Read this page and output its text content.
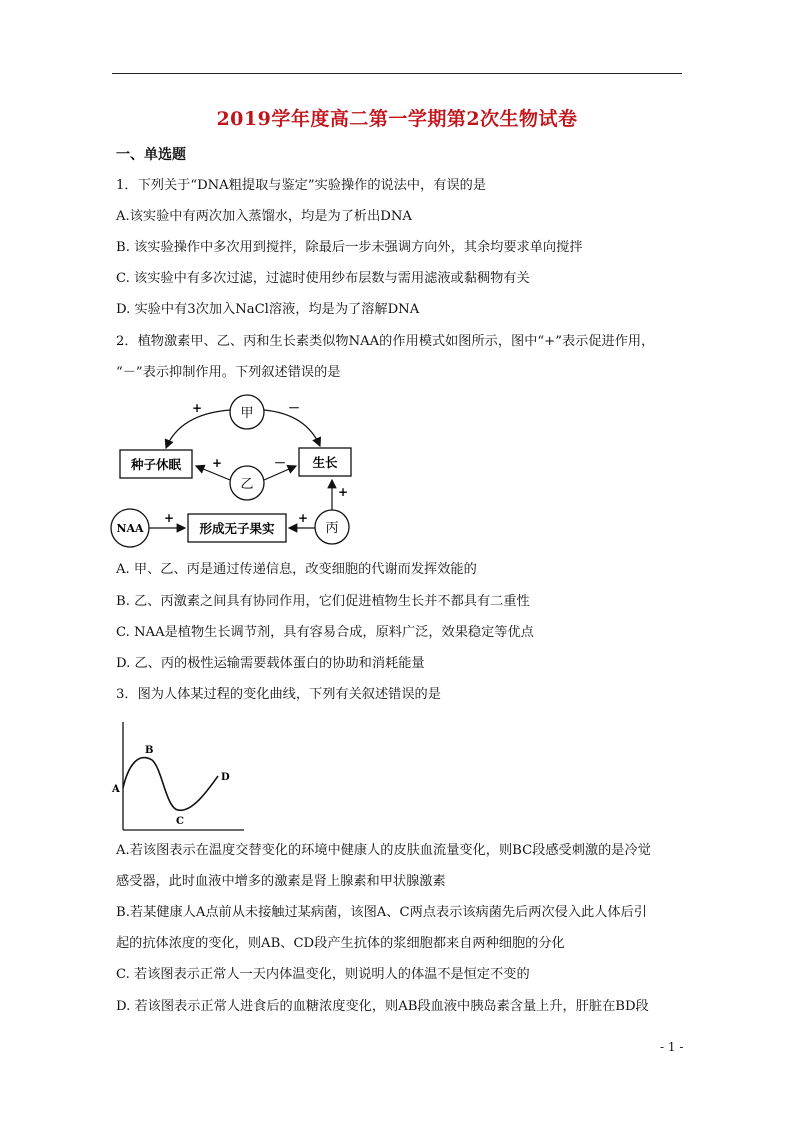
2019学年度高二第一学期第2次生物试卷
一、单选题
1．下列关于“DNA粗提取与鉴定”实验操作的说法中，有误的是
A.该实验中有两次加入蒸馏水，均是为了析出DNA
B. 该实验操作中多次用到搅拌，除最后一步未强调方向外，其余均要求单向搅拌
C. 该实验中有多次过滤，过滤时使用纱布层数与需用滤液或黏稠物有关
D. 实验中有3次加入NaCl溶液，均是为了溶解DNA
2．植物激素甲、乙、丙和生长素类似物NAA的作用模式如图所示，图中“+”表示促进作用，
“－”表示抑制作用。下列叙述错误的是
甲
种子休眠	生长
乙
NAA	形成无子果实	丙
+	－
+	－
+	+
+
A. 甲、乙、丙是通过传递信息，改变细胞的代谢而发挥效能的
B. 乙、丙激素之间具有协同作用，它们促进植物生长并不都具有二重性
C. NAA是植物生长调节剂，具有容易合成，原料广泛，效果稳定等优点
D. 乙、丙的极性运输需要载体蛋白的协助和消耗能量
3．图为人体某过程的变化曲线，下列有关叙述错误的是
A
B
C
D
A.若该图表示在温度交替变化的环境中健康人的皮肤血流量变化，则BC段感受刺激的是冷觉
感受器，此时血液中增多的激素是肾上腺素和甲状腺激素
B.若某健康人A点前从未接触过某病菌，该图A、C两点表示该病菌先后两次侵入此人体后引
起的抗体浓度的变化，则AB、CD段产生抗体的浆细胞都来自两种细胞的分化
C. 若该图表示正常人一天内体温变化，则说明人的体温不是恒定不变的
D. 若该图表示正常人进食后的血糖浓度变化，则AB段血液中胰岛素含量上升，肝脏在BD段
- 1 -
